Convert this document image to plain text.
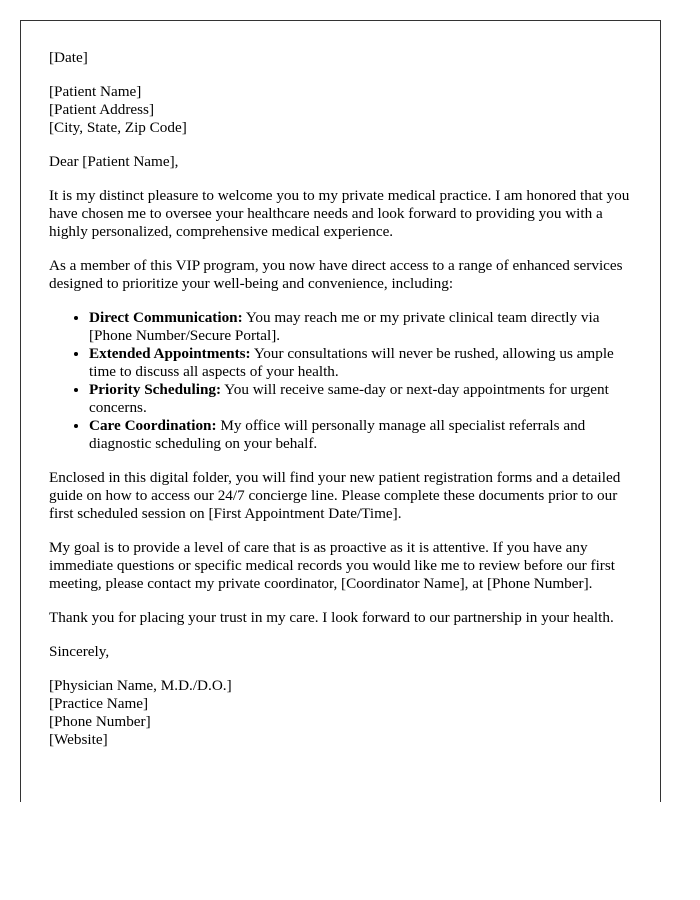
[Date]

[Patient Name]
[Patient Address]
[City, State, Zip Code]

Dear [Patient Name],

It is my distinct pleasure to welcome you to my private medical practice. I am honored that you have chosen me to oversee your healthcare needs and look forward to providing you with a highly personalized, comprehensive medical experience.

As a member of this VIP program, you now have direct access to a range of enhanced services designed to prioritize your well-being and convenience, including:

• Direct Communication: You may reach me or my private clinical team directly via [Phone Number/Secure Portal].
• Extended Appointments: Your consultations will never be rushed, allowing us ample time to discuss all aspects of your health.
• Priority Scheduling: You will receive same-day or next-day appointments for urgent concerns.
• Care Coordination: My office will personally manage all specialist referrals and diagnostic scheduling on your behalf.

Enclosed in this digital folder, you will find your new patient registration forms and a detailed guide on how to access our 24/7 concierge line. Please complete these documents prior to our first scheduled session on [First Appointment Date/Time].

My goal is to provide a level of care that is as proactive as it is attentive. If you have any immediate questions or specific medical records you would like me to review before our first meeting, please contact my private coordinator, [Coordinator Name], at [Phone Number].

Thank you for placing your trust in my care. I look forward to our partnership in your health.

Sincerely,

[Physician Name, M.D./D.O.]
[Practice Name]
[Phone Number]
[Website]
